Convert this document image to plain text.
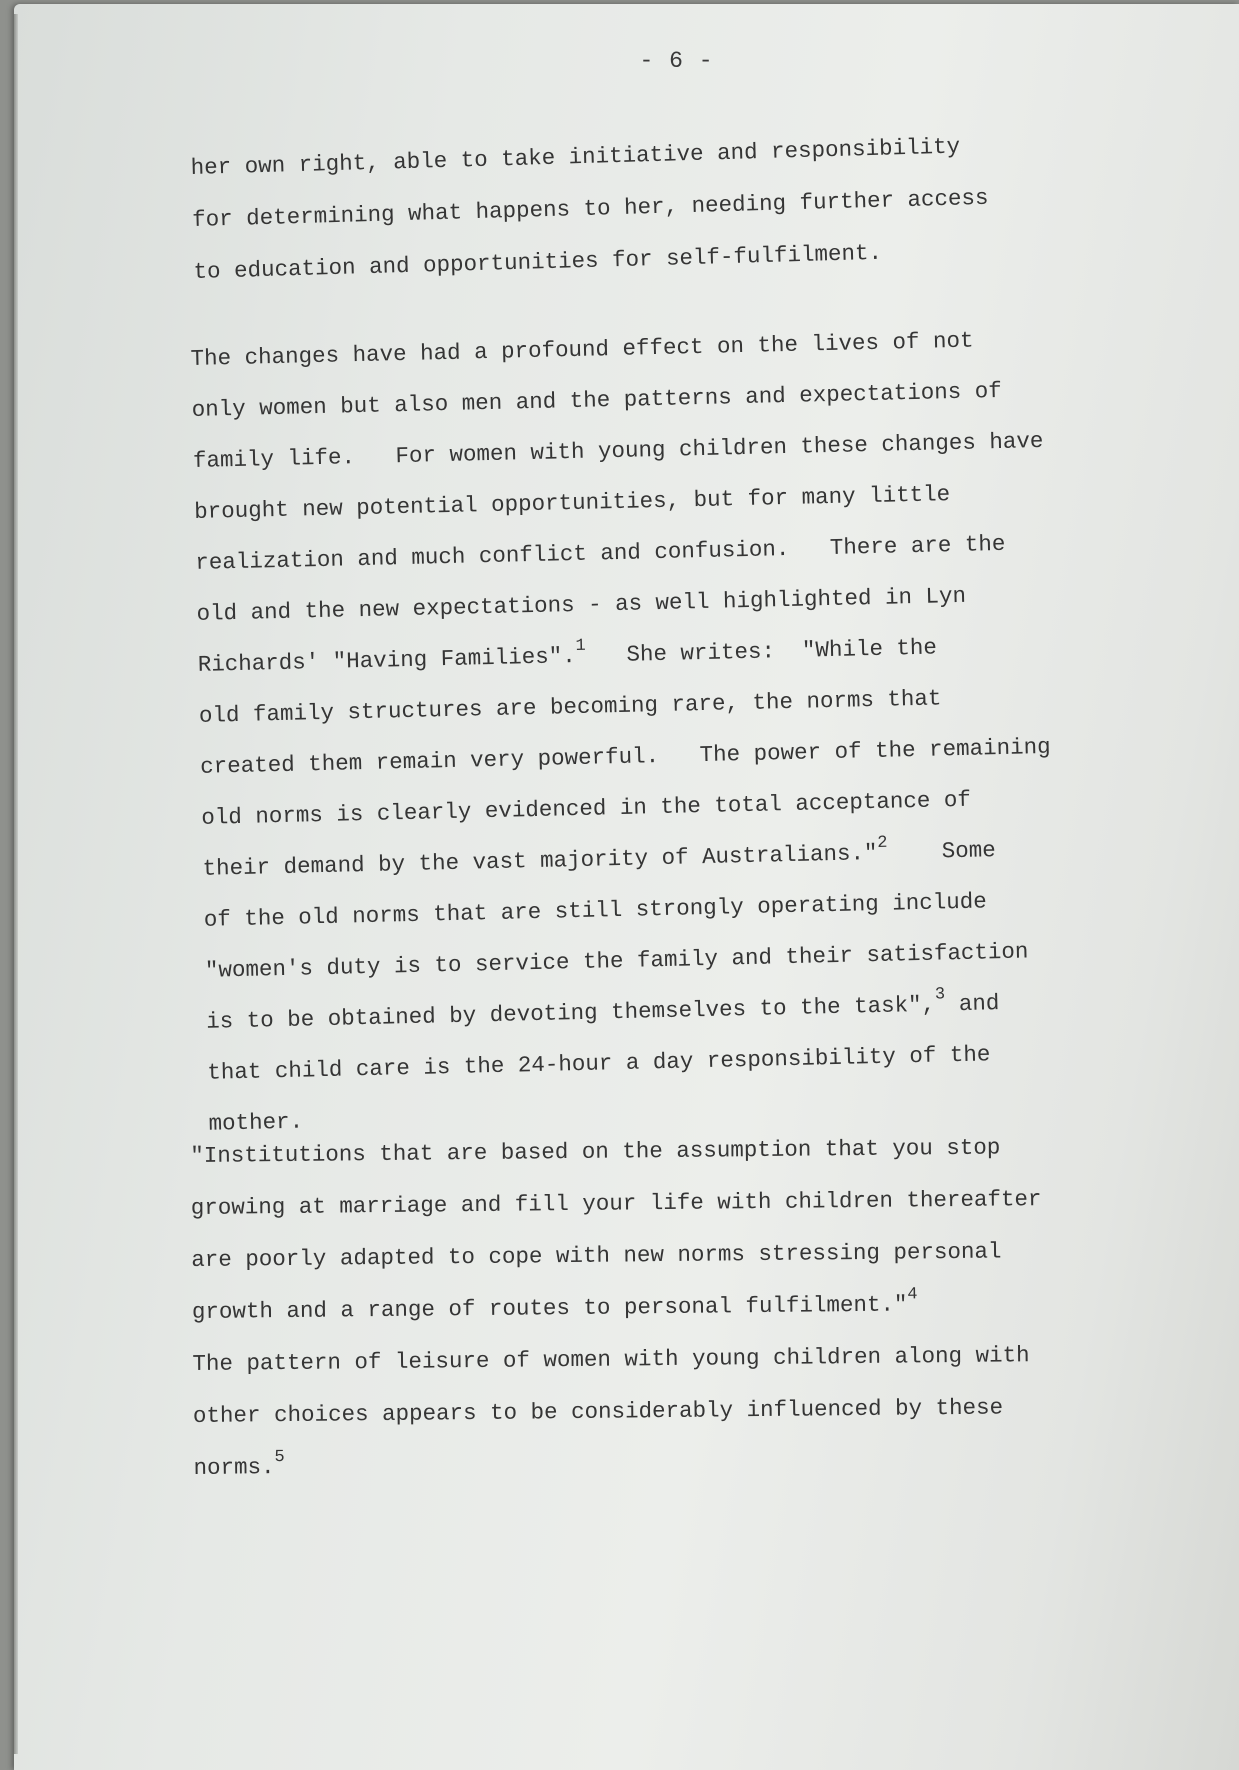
- 6 -
her own right, able to take initiative and responsibility
for determining what happens to her, needing further access
to education and opportunities for self-fulfilment.
The changes have had a profound effect on the lives of not
only women but also men and the patterns and expectations of
family life.   For women with young children these changes have
brought new potential opportunities, but for many little
realization and much conflict and confusion.   There are the
old and the new expectations - as well highlighted in Lyn
Richards' "Having Families".$^1$   She writes:  "While the
old family structures are becoming rare, the norms that
created them remain very powerful.   The power of the remaining
old norms is clearly evidenced in the total acceptance of
their demand by the vast majority of Australians."$^2$    Some
of the old norms that are still strongly operating include
"women's duty is to service the family and their satisfaction
is to be obtained by devoting themselves to the task",$^3$ and
that child care is the 24-hour a day responsibility of the
mother.
"Institutions that are based on the assumption that you stop
growing at marriage and fill your life with children thereafter
are poorly adapted to cope with new norms stressing personal
growth and a range of routes to personal fulfilment."$^4$
The pattern of leisure of women with young children along with
other choices appears to be considerably influenced by these
norms.$^5$
